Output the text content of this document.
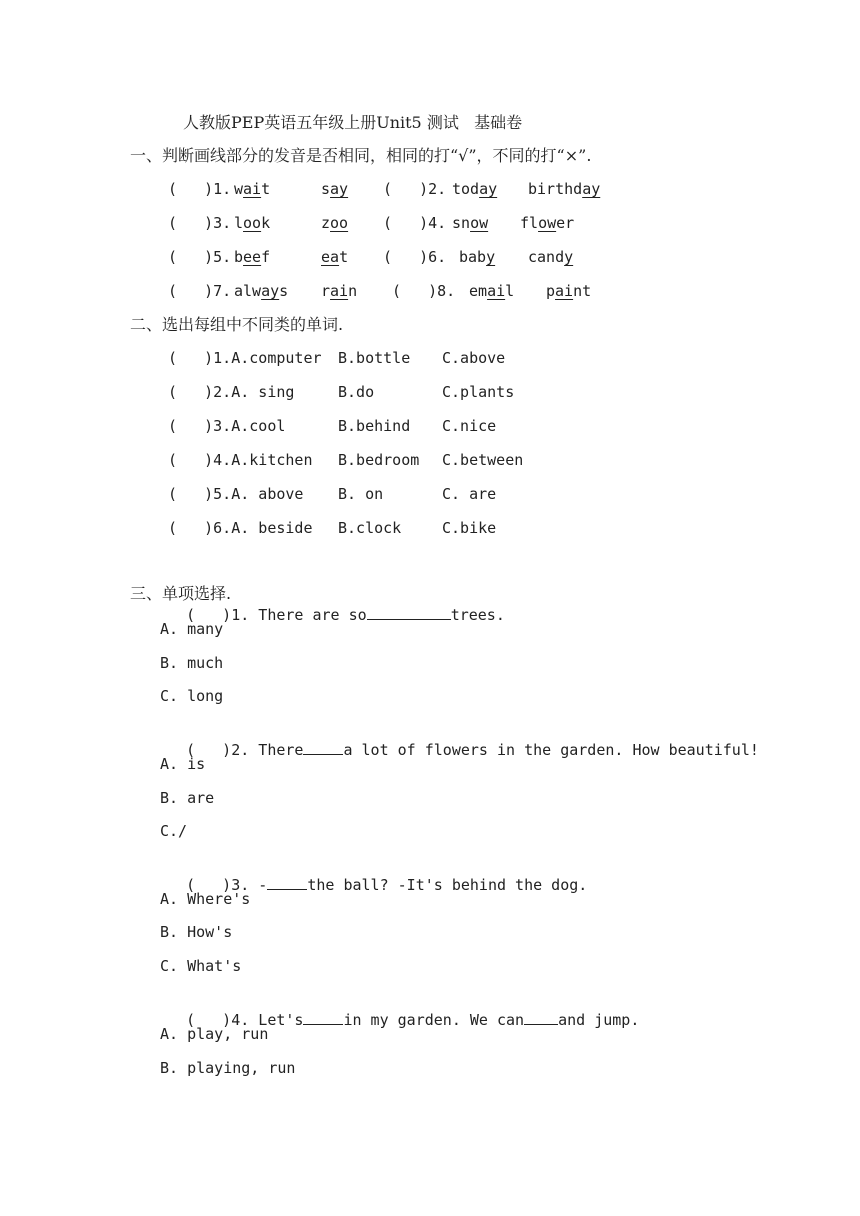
人教版PEP英语五年级上册Unit5 测试   基础卷
一、判断画线部分的发音是否相同，相同的打“√”，不同的打“×”.
(   )1. wait	say (   )2. today birthday
(   )3. look	zoo (   )4. snow flower
(   )5. beef	eat (   )6. baby candy
(   )7. always rain (   )8. email paint
二、选出每组中不同类的单词.
(   )1.A.computer B.bottle C.above
(   )2.A. sing	B.do	C.plants
(   )3.A.cool	B.behind C.nice
(   )4.A.kitchen B.bedroom C.between
(   )5.A. above B. on	C. are
(   )6.A. beside B.clock	C.bike
三、单项选择.

(   )1. There are so	trees.

A. many
B. much
C. long

(   )2. There	a lot of flowers in the garden. How beautiful!

A. is
B. are
C./

(   )3. -	the ball? -It's behind the dog.

A. Where's
B. How's
C. What's

(   )4. Let's	in my garden. We can and jump.

A. play, run
B. playing, run
